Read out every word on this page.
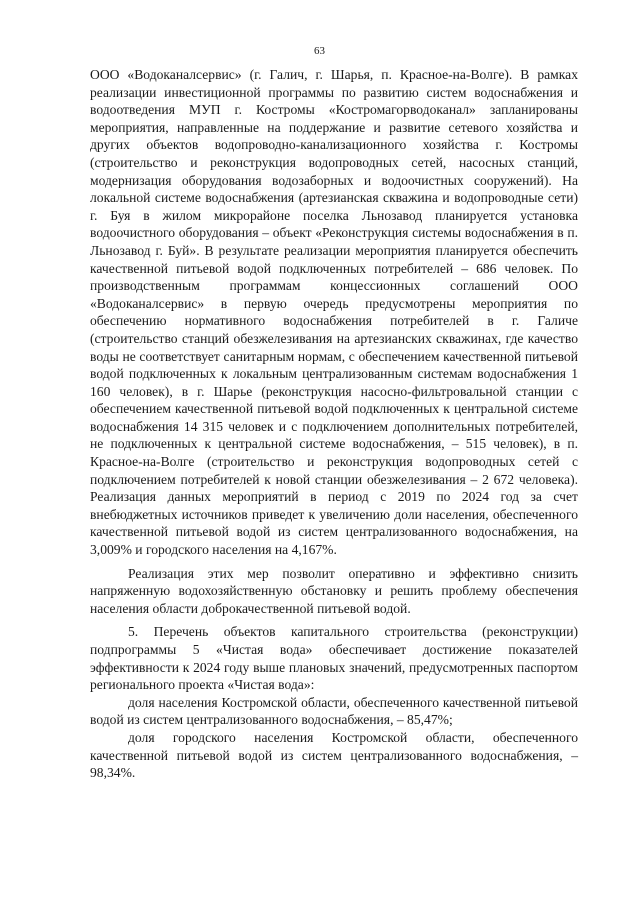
63

ООО «Водоканалсервис» (г. Галич, г. Шарья, п. Красное-на-Волге). В рамках реализации инвестиционной программы по развитию систем водоснабжения и водоотведения МУП г. Костромы «Костромагорводоканал» запланированы мероприятия, направленные на поддержание и развитие сетевого хозяйства и других объектов водопроводно-канализационного хозяйства г. Костромы (строительство и реконструкция водопроводных сетей, насосных станций, модернизация оборудования водозаборных и водоочистных сооружений). На локальной системе водоснабжения (артезианская скважина и водопроводные сети) г. Буя в жилом микрорайоне поселка Льнозавод планируется установка водоочистного оборудования – объект «Реконструкция системы водоснабжения в п. Льнозавод г. Буй». В результате реализации мероприятия планируется обеспечить качественной питьевой водой подключенных потребителей – 686 человек. По производственным программам концессионных соглашений ООО «Водоканалсервис» в первую очередь предусмотрены мероприятия по обеспечению нормативного водоснабжения потребителей в г. Галиче (строительство станций обезжелезивания на артезианских скважинах, где качество воды не соответствует санитарным нормам, с обеспечением качественной питьевой водой подключенных к локальным централизованным системам водоснабжения 1 160 человек), в г. Шарье (реконструкция насосно-фильтровальной станции с обеспечением качественной питьевой водой подключенных к центральной системе водоснабжения 14 315 человек и с подключением дополнительных потребителей, не подключенных к центральной системе водоснабжения, – 515 человек), в п. Красное-на-Волге (строительство и реконструкция водопроводных сетей с подключением потребителей к новой станции обезжелезивания – 2 672 человека). Реализация данных мероприятий в период с 2019 по 2024 год за счет внебюджетных источников приведет к увеличению доли населения, обеспеченного качественной питьевой водой из систем централизованного водоснабжения, на 3,009% и городского населения на 4,167%.

Реализация этих мер позволит оперативно и эффективно снизить напряженную водохозяйственную обстановку и решить проблему обеспечения населения области доброкачественной питьевой водой.

5. Перечень объектов капитального строительства (реконструкции) подпрограммы 5 «Чистая вода» обеспечивает достижение показателей эффективности к 2024 году выше плановых значений, предусмотренных паспортом регионального проекта «Чистая вода»:

доля населения Костромской области, обеспеченного качественной питьевой водой из систем централизованного водоснабжения, – 85,47%;

доля городского населения Костромской области, обеспеченного качественной питьевой водой из систем централизованного водоснабжения, – 98,34%.
